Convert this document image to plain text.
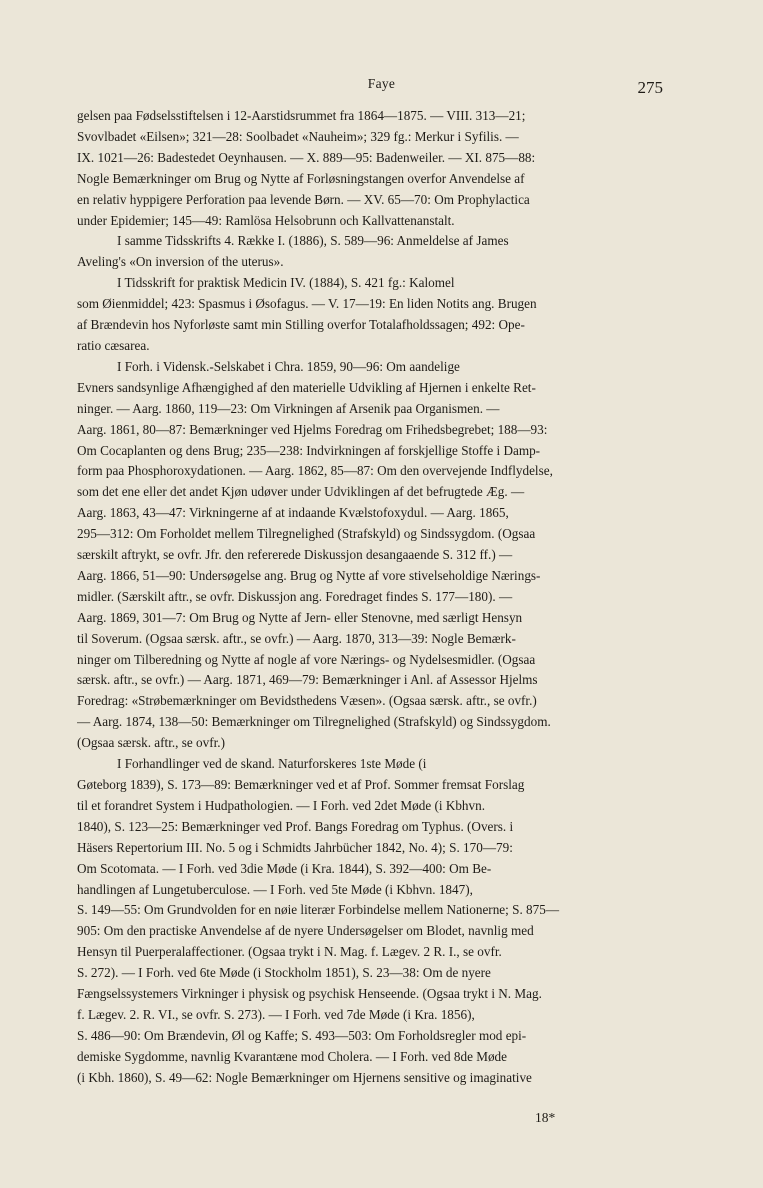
Faye	275

gelsen paa Fødselsstiftelsen i 12-Aarstidsrummet fra 1864—1875. — VIII. 313—21;
Svovlbadet «Eilsen»; 321—28: Soolbadet «Nauheim»; 329 fg.: Merkur i Syfilis. —
IX. 1021—26: Badestedet Oeynhausen. — X. 889—95: Badenweiler. — XI. 875—88:
Nogle Bemærkninger om Brug og Nytte af Forløsningstangen overfor Anvendelse af
en relativ hyppigere Perforation paa levende Børn. — XV. 65—70: Om Prophylactica
under Epidemier; 145—49: Ramlösa Helsobrunn och Kallvattenanstalt.

I samme Tidsskrifts 4. Række I. (1886), S. 589—96: Anmeldelse af James
Aveling's «On inversion of the uterus».

I Tidsskrift for praktisk Medicin IV. (1884), S. 421 fg.: Kalomel
som Øienmiddel; 423: Spasmus i Øsofagus. — V. 17—19: En liden Notits ang. Brugen
af Brændevin hos Nyforløste samt min Stilling overfor Totalafholdssagen; 492: Ope-
ratio cæsarea.

I Forh. i Vidensk.-Selskabet i Chra. 1859, 90—96: Om aandelige
Evners sandsynlige Afhængighed af den materielle Udvikling af Hjernen i enkelte Ret-
ninger. — Aarg. 1860, 119—23: Om Virkningen af Arsenik paa Organismen. —
Aarg. 1861, 80—87: Bemærkninger ved Hjelms Foredrag om Frihedsbegrebet; 188—93:
Om Cocaplanten og dens Brug; 235—238: Indvirkningen af forskjellige Stoffe i Damp-
form paa Phosphoroxydationen. — Aarg. 1862, 85—87: Om den overvejende Indflydelse,
som det ene eller det andet Kjøn udøver under Udviklingen af det befrugtede Æg. —
Aarg. 1863, 43—47: Virkningerne af at indaande Kvælstofoxydul. — Aarg. 1865,
295—312: Om Forholdet mellem Tilregnelighed (Strafskyld) og Sindssygdom. (Ogsaa
særskilt aftrykt, se ovfr. Jfr. den refererede Diskussjon desangaaende S. 312 ff.) —
Aarg. 1866, 51—90: Undersøgelse ang. Brug og Nytte af vore stivelseholdige Nærings-
midler. (Særskilt aftr., se ovfr. Diskussjon ang. Foredraget findes S. 177—180). —
Aarg. 1869, 301—7: Om Brug og Nytte af Jern- eller Stenovne, med særligt Hensyn
til Soverum. (Ogsaa særsk. aftr., se ovfr.) — Aarg. 1870, 313—39: Nogle Bemærk-
ninger om Tilberedning og Nytte af nogle af vore Nærings- og Nydelsesmidler. (Ogsaa
særsk. aftr., se ovfr.) — Aarg. 1871, 469—79: Bemærkninger i Anl. af Assessor Hjelms
Foredrag: «Strøbemærkninger om Bevidsthedens Væsen». (Ogsaa særsk. aftr., se ovfr.)
— Aarg. 1874, 138—50: Bemærkninger om Tilregnelighed (Strafskyld) og Sindssygdom.
(Ogsaa særsk. aftr., se ovfr.)

I Forhandlinger ved de skand. Naturforskeres 1ste Møde (i
Gøteborg 1839), S. 173—89: Bemærkninger ved et af Prof. Sommer fremsat Forslag
til et forandret System i Hudpathologien. — I Forh. ved 2det Møde (i Kbhvn.
1840), S. 123—25: Bemærkninger ved Prof. Bangs Foredrag om Typhus. (Overs. i
Häsers Repertorium III. No. 5 og i Schmidts Jahrbücher 1842, No. 4); S. 170—79:
Om Scotomata. — I Forh. ved 3die Møde (i Kra. 1844), S. 392—400: Om Be-
handlingen af Lungetuberculose. — I Forh. ved 5te Møde (i Kbhvn. 1847),
S. 149—55: Om Grundvolden for en nøie literær Forbindelse mellem Nationerne; S. 875—
905: Om den practiske Anvendelse af de nyere Undersøgelser om Blodet, navnlig med
Hensyn til Puerperalaffectioner. (Ogsaa trykt i N. Mag. f. Lægev. 2 R. I., se ovfr.
S. 272). — I Forh. ved 6te Møde (i Stockholm 1851), S. 23—38: Om de nyere
Fængselssystemers Virkninger i physisk og psychisk Henseende. (Ogsaa trykt i N. Mag.
f. Lægev. 2. R. VI., se ovfr. S. 273). — I Forh. ved 7de Møde (i Kra. 1856),
S. 486—90: Om Brændevin, Øl og Kaffe; S. 493—503: Om Forholdsregler mod epi-
demiske Sygdomme, navnlig Kvarantæne mod Cholera. — I Forh. ved 8de Møde
(i Kbh. 1860), S. 49—62: Nogle Bemærkninger om Hjernens sensitive og imaginative

18*
